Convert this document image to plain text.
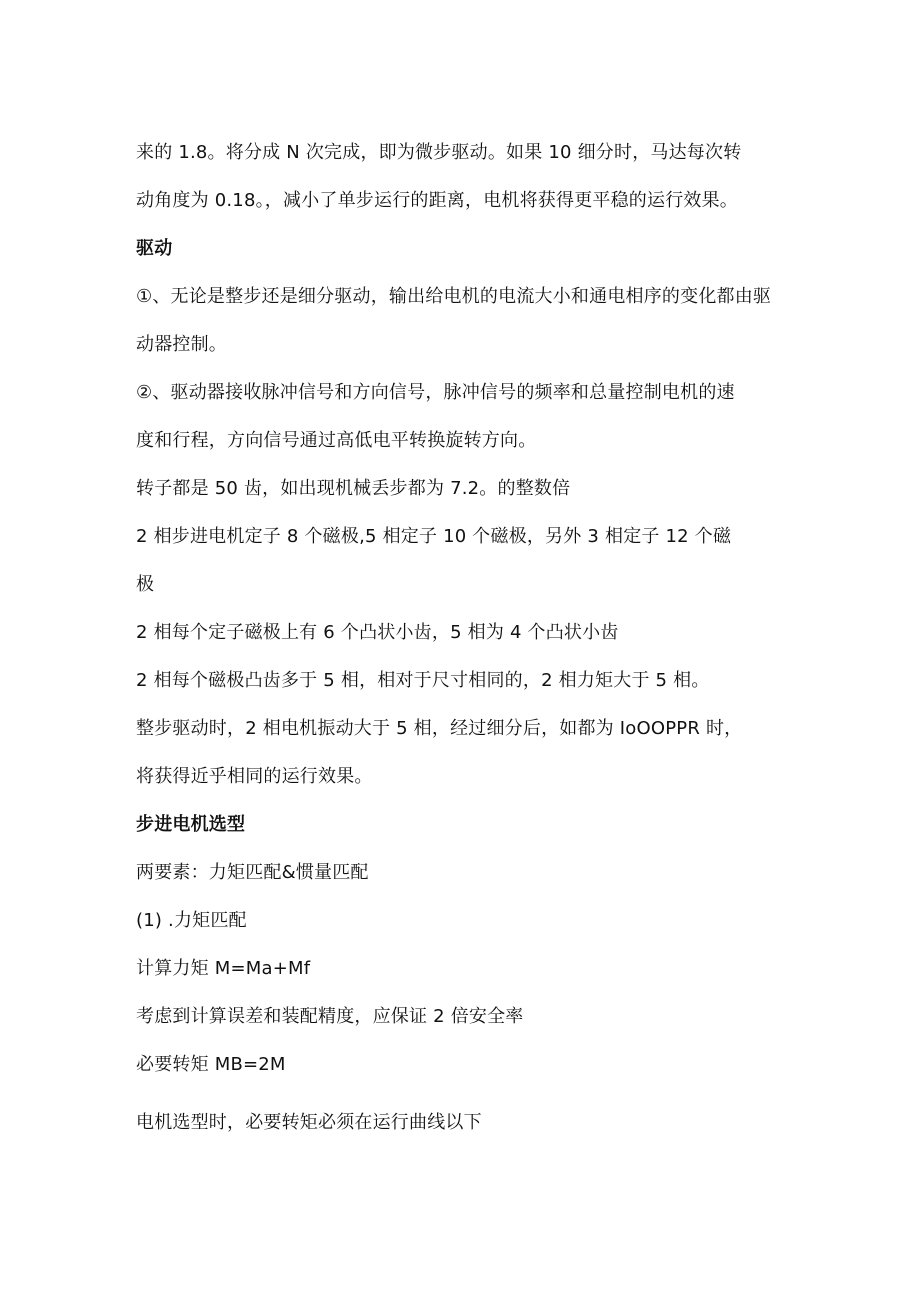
来的 1.8。将分成 N 次完成，即为微步驱动。如果 10 细分时，马达每次转
动角度为 0.18。，减小了单步运行的距离，电机将获得更平稳的运行效果。
驱动
①、无论是整步还是细分驱动，输出给电机的电流大小和通电相序的变化都由驱
动器控制。
②、驱动器接收脉冲信号和方向信号，脉冲信号的频率和总量控制电机的速
度和行程，方向信号通过高低电平转换旋转方向。
转子都是 50 齿，如出现机械丢步都为 7.2。的整数倍
2 相步进电机定子 8 个磁极,5 相定子 10 个磁极，另外 3 相定子 12 个磁
极
2 相每个定子磁极上有 6 个凸状小齿，5 相为 4 个凸状小齿
2 相每个磁极凸齿多于 5 相，相对于尺寸相同的，2 相力矩大于 5 相。
整步驱动时，2 相电机振动大于 5 相，经过细分后，如都为 IoOOPPR 时，
将获得近乎相同的运行效果。
步进电机选型
两要素：力矩匹配&惯量匹配
(1) .力矩匹配
计算力矩 M=Ma+Mf
考虑到计算误差和装配精度，应保证 2 倍安全率
必要转矩 MB=2M
电机选型时，必要转矩必须在运行曲线以下
